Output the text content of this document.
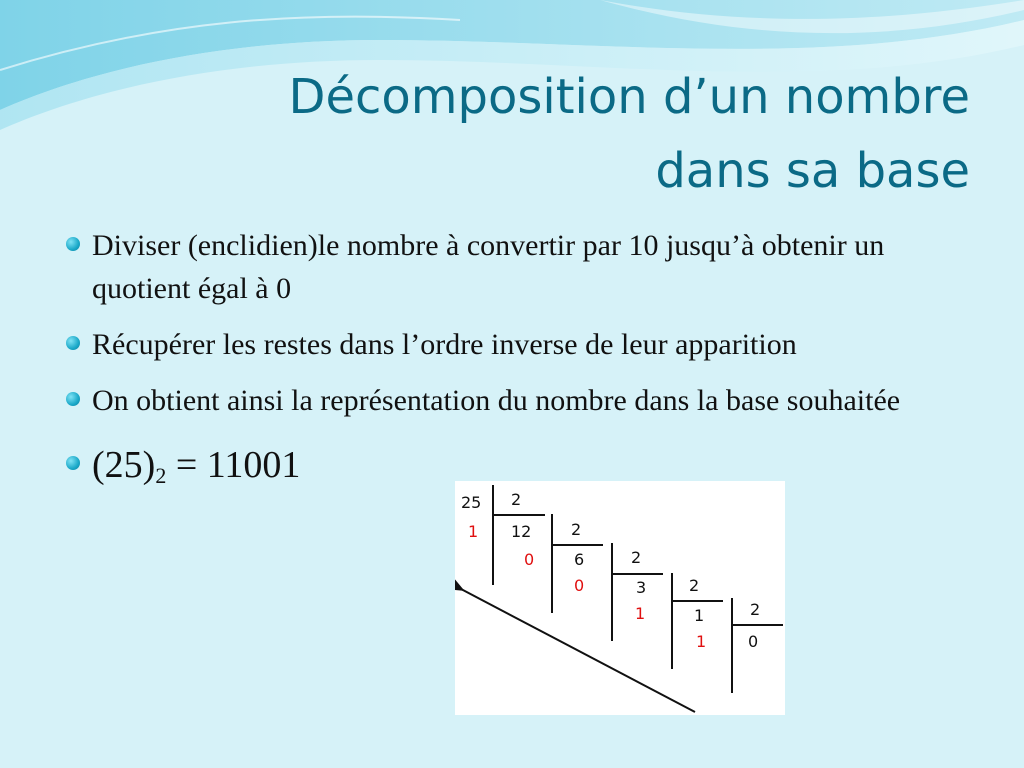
Décomposition d’un nombre
dans sa base
Diviser (enclidien)le nombre à convertir par 10 jusqu’à obtenir un quotient égal à 0
Récupérer les restes dans l’ordre inverse de leur apparition
On obtient ainsi la représentation du nombre dans la base souhaitée
$(25)_2 = 11001$
25 2
1 12 2
0 6	2
0	3	2
1	1	2
1	0
